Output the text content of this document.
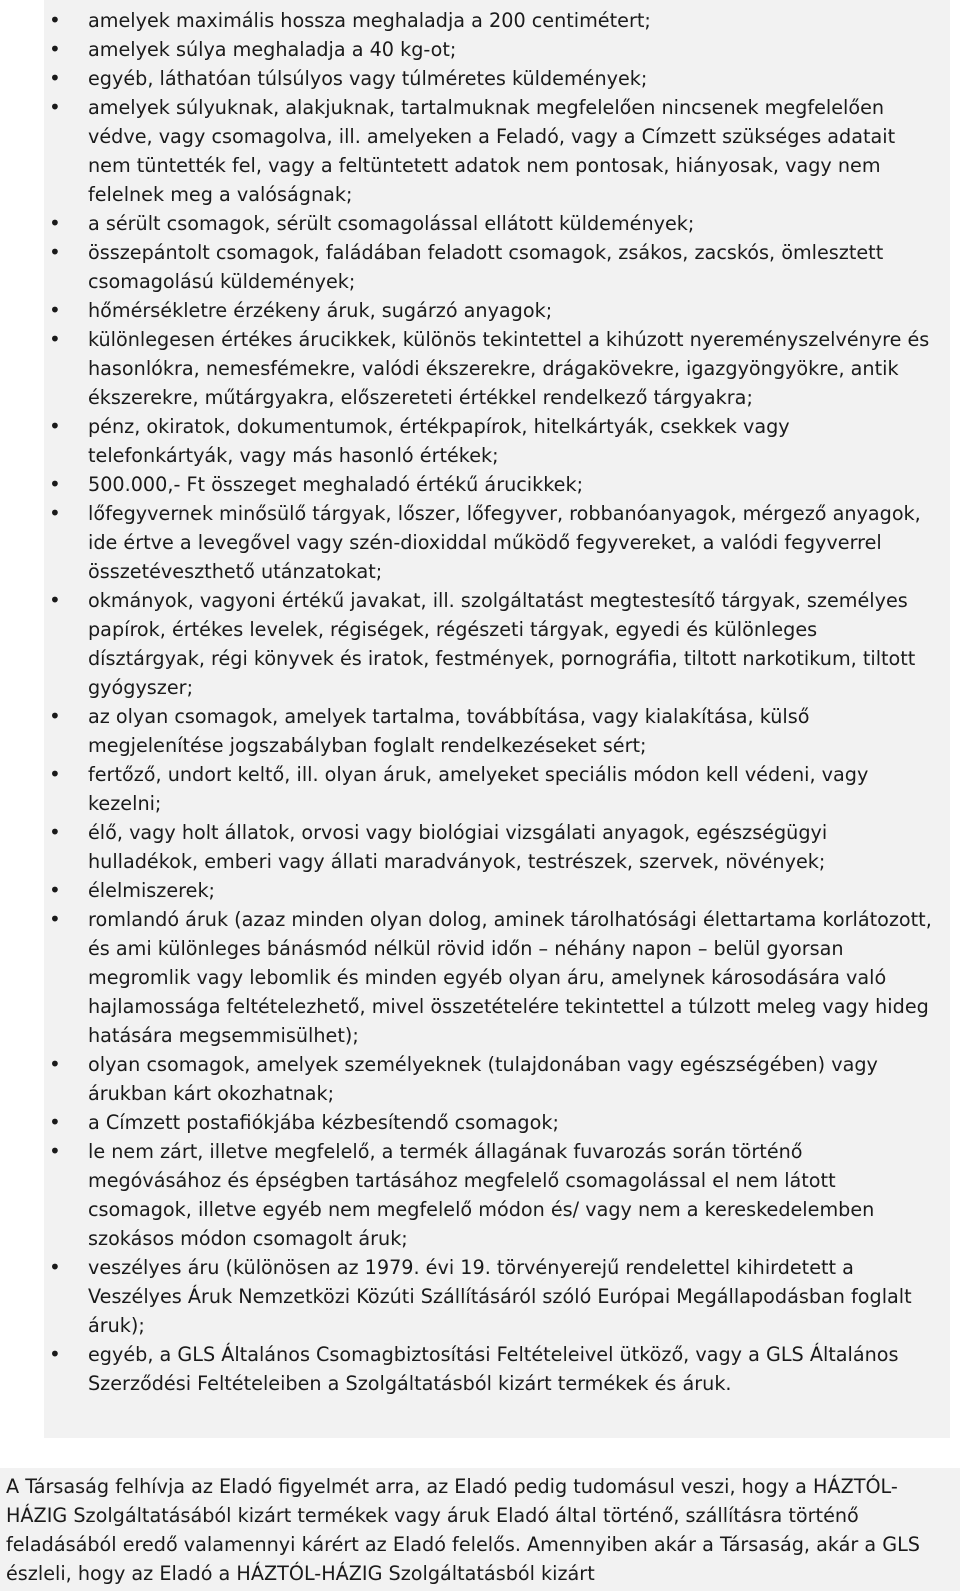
• amelyek maximális hossza meghaladja a 200 centimétert;
• amelyek súlya meghaladja a 40 kg-ot;
• egyéb, láthatóan túlsúlyos vagy túlméretes küldemények;
• amelyek súlyuknak, alakjuknak, tartalmuknak megfelelően nincsenek megfelelően védve, vagy csomagolva, ill. amelyeken a Feladó, vagy a Címzett szükséges adatait nem tüntették fel, vagy a feltüntetett adatok nem pontosak, hiányosak, vagy nem felelnek meg a valóságnak;
• a sérült csomagok, sérült csomagolással ellátott küldemények;
• összepántolt csomagok, faládában feladott csomagok, zsákos, zacskós, ömlesztett csomagolású küldemények;
• hőmérsékletre érzékeny áruk, sugárzó anyagok;
• különlegesen értékes árucikkek, különös tekintettel a kihúzott nyereményszelvényre és hasonlókra, nemesfémekre, valódi ékszerekre, drágakövekre, igazgyöngyökre, antik ékszerekre, műtárgyakra, előszereteti értékkel rendelkező tárgyakra;
• pénz, okiratok, dokumentumok, értékpapírok, hitelkártyák, csekkek vagy telefonkártyák, vagy más hasonló értékek;
• 500.000,- Ft összeget meghaladó értékű árucikkek;
• lőfegyvernek minősülő tárgyak, lőszer, lőfegyver, robbanóanyagok, mérgező anyagok, ide értve a levegővel vagy szén-dioxiddal működő fegyvereket, a valódi fegyverrel összetéveszthető utánzatokat;
• okmányok, vagyoni értékű javakat, ill. szolgáltatást megtestesítő tárgyak, személyes papírok, értékes levelek, régiségek, régészeti tárgyak, egyedi és különleges dísztárgyak, régi könyvek és iratok, festmények, pornográfia, tiltott narkotikum, tiltott gyógyszer;
• az olyan csomagok, amelyek tartalma, továbbítása, vagy kialakítása, külső megjelenítése jogszabályban foglalt rendelkezéseket sért;
• fertőző, undort keltő, ill. olyan áruk, amelyeket speciális módon kell védeni, vagy kezelni;
• élő, vagy holt állatok, orvosi vagy biológiai vizsgálati anyagok, egészségügyi hulladékok, emberi vagy állati maradványok, testrészek, szervek, növények;
• élelmiszerek;
• romlandó áruk (azaz minden olyan dolog, aminek tárolhatósági élettartama korlátozott, és ami különleges bánásmód nélkül rövid időn – néhány napon – belül gyorsan megromlik vagy lebomlik és minden egyéb olyan áru, amelynek károsodására való hajlamossága feltételezhető, mivel összetételére tekintettel a túlzott meleg vagy hideg hatására megsemmisülhet);
• olyan csomagok, amelyek személyeknek (tulajdonában vagy egészségében) vagy árukban kárt okozhatnak;
• a Címzett postafiókjába kézbesítendő csomagok;
• le nem zárt, illetve megfelelő, a termék állagának fuvarozás során történő megóvásához és épségben tartásához megfelelő csomagolással el nem látott csomagok, illetve egyéb nem megfelelő módon és/ vagy nem a kereskedelemben szokásos módon csomagolt áruk;
• veszélyes áru (különösen az 1979. évi 19. törvényerejű rendelettel kihirdetett a Veszélyes Áruk Nemzetközi Közúti Szállításáról szóló Európai Megállapodásban foglalt áruk);
• egyéb, a GLS Általános Csomagbiztosítási Feltételeivel ütköző, vagy a GLS Általános Szerződési Feltételeiben a Szolgáltatásból kizárt termékek és áruk.

A Társaság felhívja az Eladó figyelmét arra, az Eladó pedig tudomásul veszi, hogy a HÁZTÓL-HÁZIG Szolgáltatásából kizárt termékek vagy áruk Eladó által történő, szállításra történő feladásából eredő valamennyi kárért az Eladó felelős. Amennyiben akár a Társaság, akár a GLS észleli, hogy az Eladó a HÁZTÓL-HÁZIG Szolgáltatásból kizárt
